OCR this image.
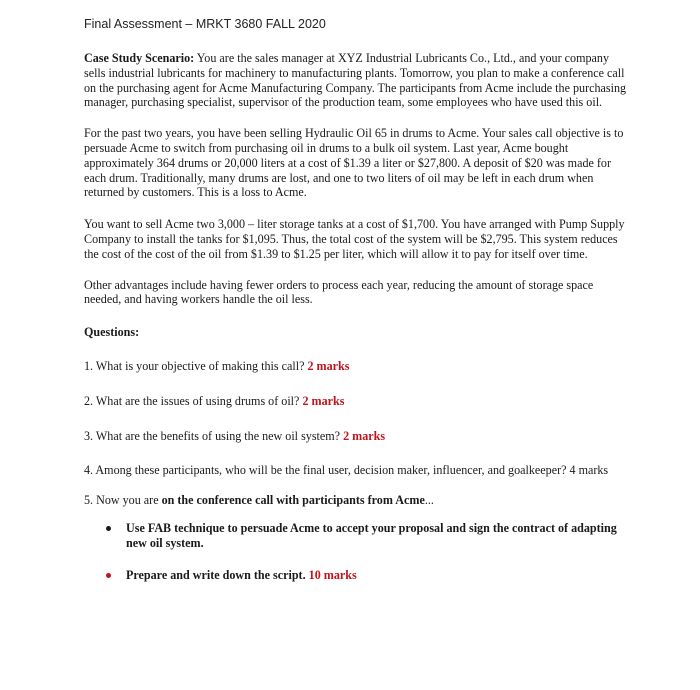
Final Assessment – MRKT 3680 FALL 2020

Case Study Scenario: You are the sales manager at XYZ Industrial Lubricants Co., Ltd., and your company sells industrial lubricants for machinery to manufacturing plants. Tomorrow, you plan to make a conference call on the purchasing agent for Acme Manufacturing Company. The participants from Acme include the purchasing manager, purchasing specialist, supervisor of the production team, some employees who have used this oil.

For the past two years, you have been selling Hydraulic Oil 65 in drums to Acme. Your sales call objective is to persuade Acme to switch from purchasing oil in drums to a bulk oil system. Last year, Acme bought approximately 364 drums or 20,000 liters at a cost of $1.39 a liter or $27,800. A deposit of $20 was made for each drum. Traditionally, many drums are lost, and one to two liters of oil may be left in each drum when returned by customers. This is a loss to Acme.

You want to sell Acme two 3,000 – liter storage tanks at a cost of $1,700. You have arranged with Pump Supply Company to install the tanks for $1,095. Thus, the total cost of the system will be $2,795. This system reduces the cost of the cost of the oil from $1.39 to $1.25 per liter, which will allow it to pay for itself over time.

Other advantages include having fewer orders to process each year, reducing the amount of storage space needed, and having workers handle the oil less.

Questions:

1. What is your objective of making this call? 2 marks

2. What are the issues of using drums of oil? 2 marks

3. What are the benefits of using the new oil system? 2 marks

4. Among these participants, who will be the final user, decision maker, influencer, and goalkeeper? 4 marks

5. Now you are on the conference call with participants from Acme...

Use FAB technique to persuade Acme to accept your proposal and sign the contract of adapting new oil system.
Prepare and write down the script. 10 marks
